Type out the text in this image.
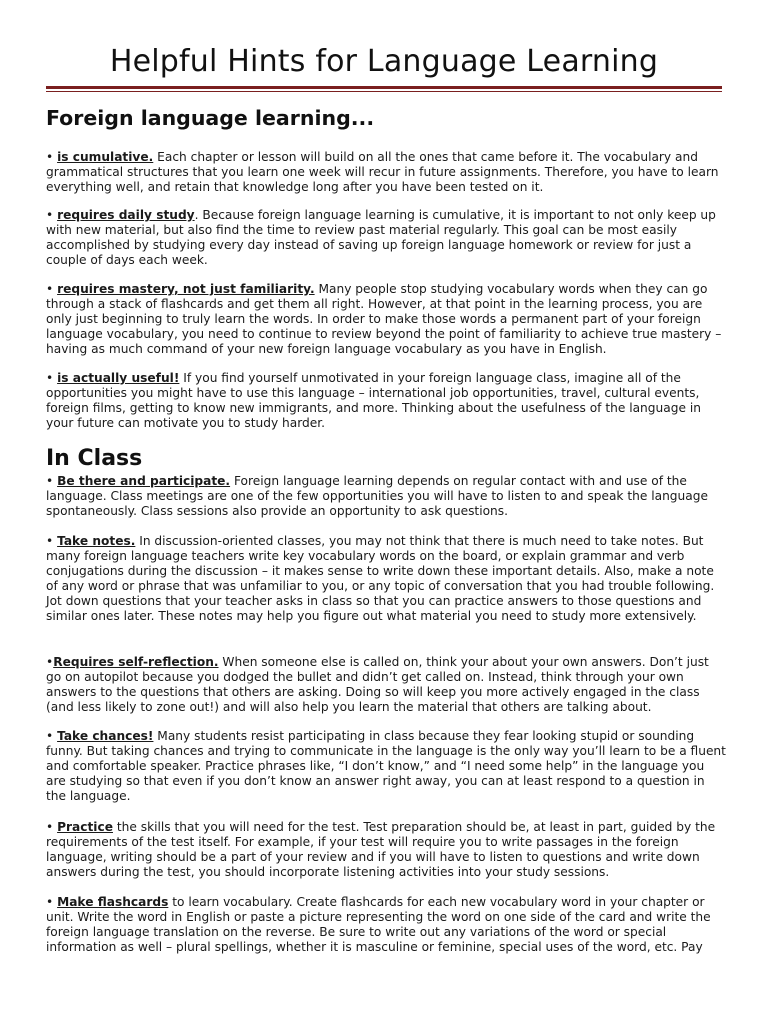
Helpful Hints for Language Learning
Foreign language learning...

• is cumulative. Each chapter or lesson will build on all the ones that came before it. The vocabulary and grammatical structures that you learn one week will recur in future assignments. Therefore, you have to learn everything well, and retain that knowledge long after you have been tested on it.

• requires daily study. Because foreign language learning is cumulative, it is important to not only keep up with new material, but also find the time to review past material regularly. This goal can be most easily accomplished by studying every day instead of saving up foreign language homework or review for just a couple of days each week.

• requires mastery, not just familiarity. Many people stop studying vocabulary words when they can go through a stack of flashcards and get them all right. However, at that point in the learning process, you are only just beginning to truly learn the words. In order to make those words a permanent part of your foreign language vocabulary, you need to continue to review beyond the point of familiarity to achieve true mastery – having as much command of your new foreign language vocabulary as you have in English.

• is actually useful! If you find yourself unmotivated in your foreign language class, imagine all of the opportunities you might have to use this language – international job opportunities, travel, cultural events, foreign films, getting to know new immigrants, and more. Thinking about the usefulness of the language in your future can motivate you to study harder.

In Class

• Be there and participate. Foreign language learning depends on regular contact with and use of the language. Class meetings are one of the few opportunities you will have to listen to and speak the language spontaneously. Class sessions also provide an opportunity to ask questions.

• Take notes. In discussion-oriented classes, you may not think that there is much need to take notes. But many foreign language teachers write key vocabulary words on the board, or explain grammar and verb conjugations during the discussion – it makes sense to write down these important details. Also, make a note of any word or phrase that was unfamiliar to you, or any topic of conversation that you had trouble following. Jot down questions that your teacher asks in class so that you can practice answers to those questions and similar ones later. These notes may help you figure out what material you need to study more extensively.

•Requires self-reflection. When someone else is called on, think your about your own answers. Don’t just go on autopilot because you dodged the bullet and didn’t get called on. Instead, think through your own answers to the questions that others are asking. Doing so will keep you more actively engaged in the class (and less likely to zone out!) and will also help you learn the material that others are talking about.

• Take chances! Many students resist participating in class because they fear looking stupid or sounding funny. But taking chances and trying to communicate in the language is the only way you’ll learn to be a fluent and comfortable speaker. Practice phrases like, “I don’t know,” and “I need some help” in the language you are studying so that even if you don’t know an answer right away, you can at least respond to a question in the language.

• Practice the skills that you will need for the test. Test preparation should be, at least in part, guided by the requirements of the test itself. For example, if your test will require you to write passages in the foreign language, writing should be a part of your review and if you will have to listen to questions and write down answers during the test, you should incorporate listening activities into your study sessions.

• Make flashcards to learn vocabulary. Create flashcards for each new vocabulary word in your chapter or unit. Write the word in English or paste a picture representing the word on one side of the card and write the foreign language translation on the reverse. Be sure to write out any variations of the word or special information as well – plural spellings, whether it is masculine or feminine, special uses of the word, etc. Pay
